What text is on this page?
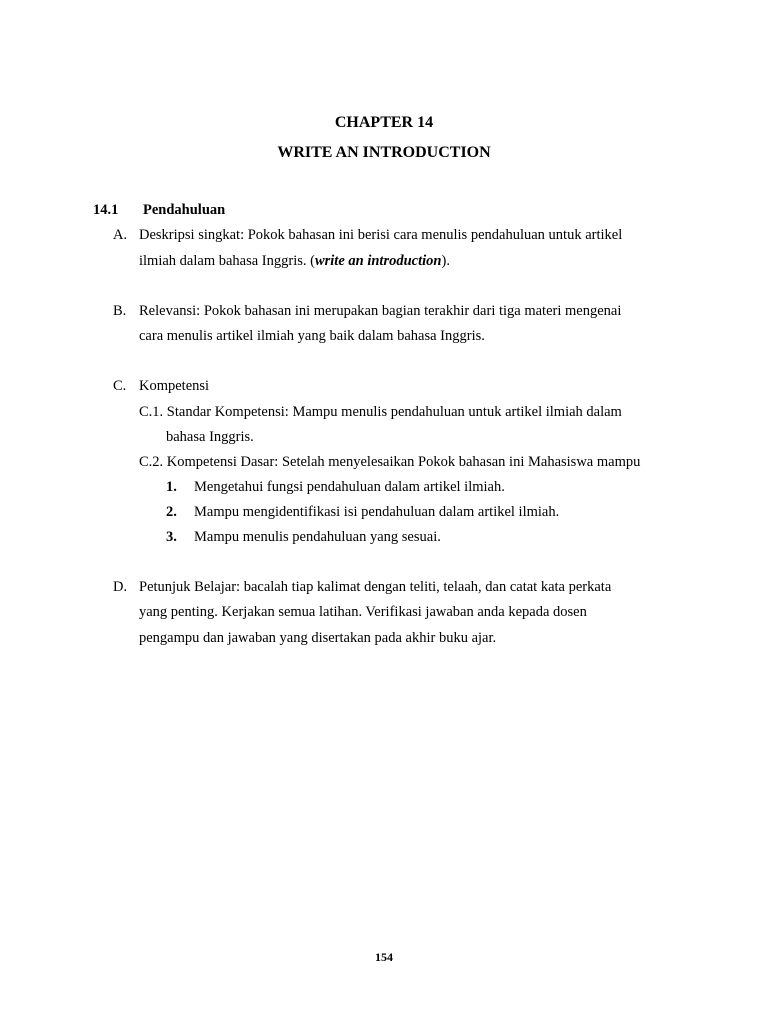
CHAPTER 14
WRITE AN INTRODUCTION
14.1 Pendahuluan
A. Deskripsi singkat: Pokok bahasan ini berisi cara menulis pendahuluan untuk artikel
ilmiah dalam bahasa Inggris. (write an introduction).
B. Relevansi: Pokok bahasan ini merupakan bagian terakhir dari tiga materi mengenai
cara menulis artikel ilmiah yang baik dalam bahasa Inggris.
C. Kompetensi
C.1. Standar Kompetensi: Mampu menulis pendahuluan untuk artikel ilmiah dalam
bahasa Inggris.
C.2. Kompetensi Dasar: Setelah menyelesaikan Pokok bahasan ini Mahasiswa mampu
1. Mengetahui fungsi pendahuluan dalam artikel ilmiah.
2. Mampu mengidentifikasi isi pendahuluan dalam artikel ilmiah.
3. Mampu menulis pendahuluan yang sesuai.
D. Petunjuk Belajar: bacalah tiap kalimat dengan teliti, telaah, dan catat kata perkata
yang penting. Kerjakan semua latihan. Verifikasi jawaban anda kepada dosen
pengampu dan jawaban yang disertakan pada akhir buku ajar.
154
